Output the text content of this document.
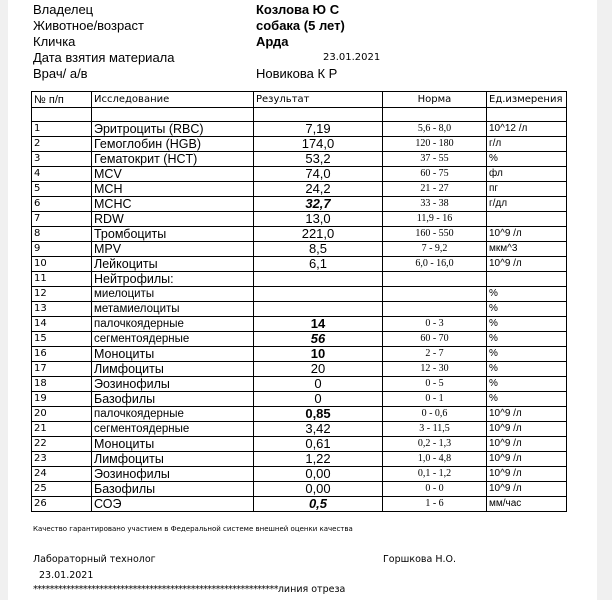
Владелец	Козлова Ю С
Животное/возраст	собака (5 лет)
Кличка	Арда
Дата взятия материала	23.01.2021
Врач/ а/в	Новикова К Р
№ п/п	Исследование	Результат	Норма	Ед.измерения

1	Эритроциты (RBC)	7,19	5,6 - 8,0	10^12 /л
2	Гемоглобин (HGB)	174,0	120 - 180	г/л
3	Гематокрит (HCT)	53,2	37 - 55	%
4	MCV	74,0	60 - 75	фл
5	MCH	24,2	21 - 27	пг
6	MCHC	32,7	33 - 38	г/дл
7	RDW	13,0	11,9 - 16	
8	Тромбоциты	221,0	160 - 550	10^9 /л
9	MPV	8,5	7 - 9,2	мкм^3
10	Лейкоциты	6,1	6,0 - 16,0	10^9 /л
11	Нейтрофилы:			
12	миелоциты			%
13	метамиелоциты			%
14	палочкоядерные	14	0 - 3	%
15	сегментоядерные	56	60 - 70	%
16	Моноциты	10	2 - 7	%
17	Лимфоциты	20	12 - 30	%
18	Эозинофилы	0	0 - 5	%
19	Базофилы	0	0 - 1	%
20	палочкоядерные	0,85	0 - 0,6	10^9 /л
21	сегментоядерные	3,42	3 - 11,5	10^9 /л
22	Моноциты	0,61	0,2 - 1,3	10^9 /л
23	Лимфоциты	1,22	1,0 - 4,8	10^9 /л
24	Эозинофилы	0,00	0,1 - 1,2	10^9 /л
25	Базофилы	0,00	0 - 0	10^9 /л
26	СОЭ	0,5	1 - 6	мм/час
Качество гарантировано участием в Федеральной системе внешней оценки качества
Лабораторный технолог	Горшкова Н.О.
23.01.2021
***********************************************************линия отреза
